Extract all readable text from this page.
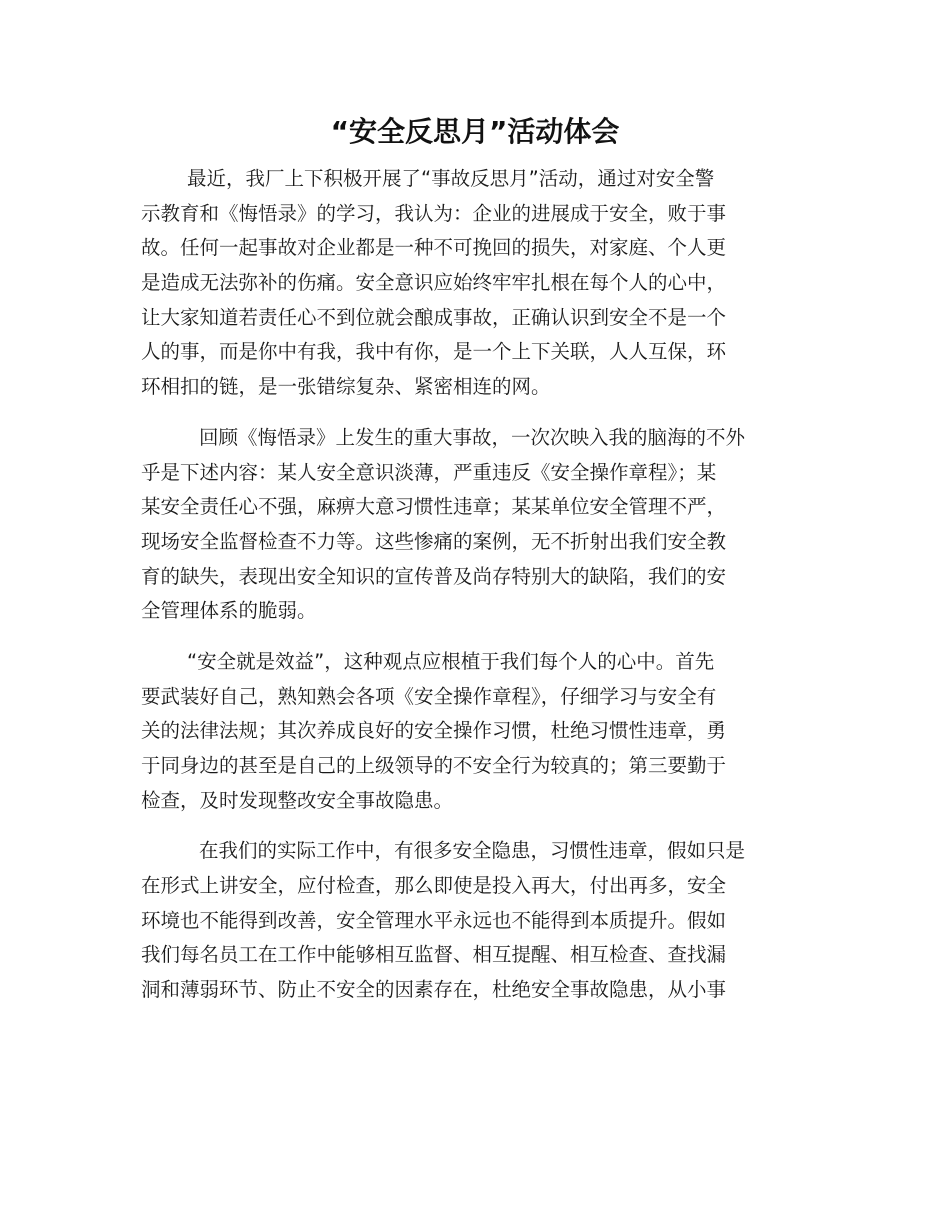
“安全反思月”活动体会

最近，我厂上下积极开展了“事故反思月”活动，通过对安全警
示教育和《悔悟录》的学习，我认为：企业的进展成于安全，败于事
故。任何一起事故对企业都是一种不可挽回的损失，对家庭、个人更
是造成无法弥补的伤痛。安全意识应始终牢牢扎根在每个人的心中，
让大家知道若责任心不到位就会酿成事故，正确认识到安全不是一个
人的事，而是你中有我，我中有你，是一个上下关联，人人互保，环
环相扣的链，是一张错综复杂、紧密相连的网。

回顾《悔悟录》上发生的重大事故，一次次映入我的脑海的不外
乎是下述内容：某人安全意识淡薄，严重违反《安全操作章程》；某
某安全责任心不强，麻痹大意习惯性违章；某某单位安全管理不严，
现场安全监督检查不力等。这些惨痛的案例，无不折射出我们安全教
育的缺失，表现出安全知识的宣传普及尚存特别大的缺陷，我们的安
全管理体系的脆弱。

“安全就是效益”，这种观点应根植于我们每个人的心中。首先
要武装好自己，熟知熟会各项《安全操作章程》，仔细学习与安全有
关的法律法规；其次养成良好的安全操作习惯，杜绝习惯性违章，勇
于同身边的甚至是自己的上级领导的不安全行为较真的；第三要勤于
检查，及时发现整改安全事故隐患。

在我们的实际工作中，有很多安全隐患，习惯性违章，假如只是
在形式上讲安全，应付检查，那么即使是投入再大，付出再多，安全
环境也不能得到改善，安全管理水平永远也不能得到本质提升。假如
我们每名员工在工作中能够相互监督、相互提醒、相互检查、查找漏
洞和薄弱环节、防止不安全的因素存在，杜绝安全事故隐患，从小事
